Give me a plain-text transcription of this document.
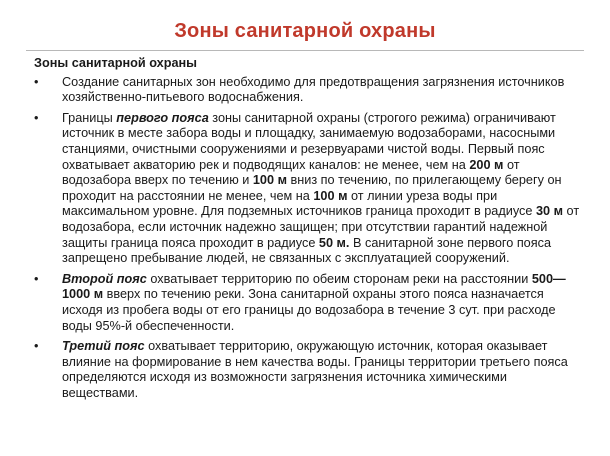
Зоны санитарной охраны
Зоны санитарной охраны
•	Создание санитарных зон необходимо для предотвращения загрязнения источников хозяйственно-питьевого водоснабжения.
•	Границы первого пояса зоны санитарной охраны (строгого режима) ограничивают источник в месте забора воды и площадку, занимаемую водозаборами, насосными станциями, очистными сооружениями и резервуарами чистой воды. Первый пояс охватывает акваторию рек и подводящих каналов: не менее, чем на 200 м от водозабора вверх по течению и 100 м вниз по течению, по прилегающему берегу он проходит на расстоянии не менее, чем на 100 м от линии уреза воды при максимальном уровне. Для подземных источников граница проходит в радиусе 30 м от водозабора, если источник надежно защищен; при отсутствии гарантий надежной защиты граница пояса проходит в радиусе 50 м. В санитарной зоне первого пояса запрещено пребывание людей, не связанных с эксплуатацией сооружений.
•	Второй пояс охватывает территорию по обеим сторонам реки на расстоянии 500—1000 м вверх по течению реки. Зона санитарной охраны этого пояса назначается исходя из пробега воды от его границы до водозабора в течение 3 сут. при расходе воды 95%-й обеспеченности.
•	Третий пояс охватывает территорию, окружающую источник, которая оказывает влияние на формирование в нем качества воды. Границы территории третьего пояса определяются исходя из возможности загрязнения источника химическими веществами.
